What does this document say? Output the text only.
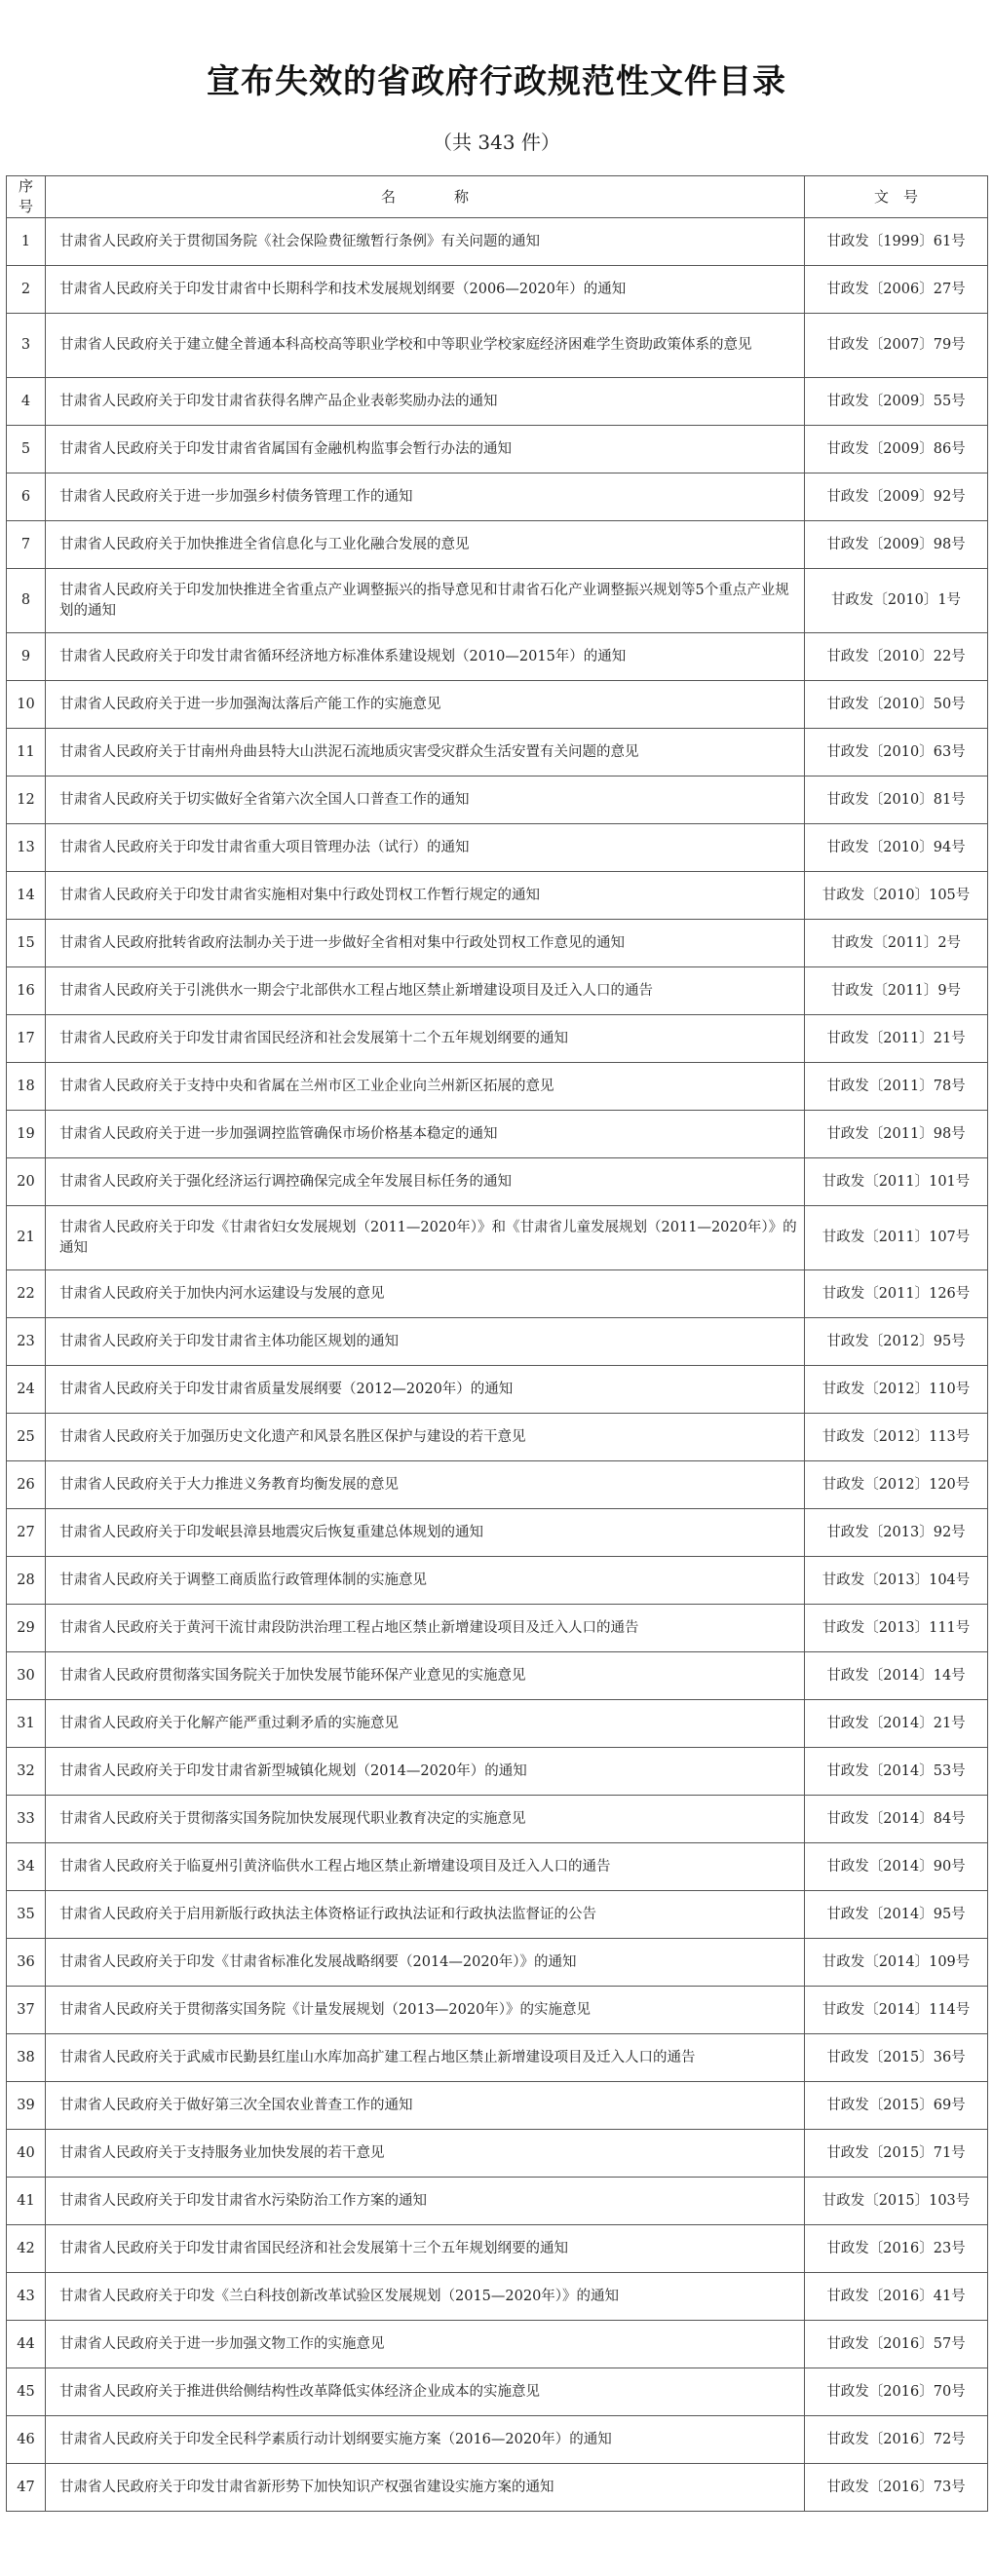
宣布失效的省政府行政规范性文件目录
（共 343 件）
序号	名　　　　称	文　号
1	甘肃省人民政府关于贯彻国务院《社会保险费征缴暂行条例》有关问题的通知	甘政发〔1999〕61号
2	甘肃省人民政府关于印发甘肃省中长期科学和技术发展规划纲要（2006—2020年）的通知	甘政发〔2006〕27号
3	甘肃省人民政府关于建立健全普通本科高校高等职业学校和中等职业学校家庭经济困难学生资助政策体系的意见	甘政发〔2007〕79号
4	甘肃省人民政府关于印发甘肃省获得名牌产品企业表彰奖励办法的通知	甘政发〔2009〕55号
5	甘肃省人民政府关于印发甘肃省省属国有金融机构监事会暂行办法的通知	甘政发〔2009〕86号
6	甘肃省人民政府关于进一步加强乡村债务管理工作的通知	甘政发〔2009〕92号
7	甘肃省人民政府关于加快推进全省信息化与工业化融合发展的意见	甘政发〔2009〕98号
8	甘肃省人民政府关于印发加快推进全省重点产业调整振兴的指导意见和甘肃省石化产业调整振兴规划等5个重点产业规划的通知	甘政发〔2010〕1号
9	甘肃省人民政府关于印发甘肃省循环经济地方标准体系建设规划（2010—2015年）的通知	甘政发〔2010〕22号
10	甘肃省人民政府关于进一步加强淘汰落后产能工作的实施意见	甘政发〔2010〕50号
11	甘肃省人民政府关于甘南州舟曲县特大山洪泥石流地质灾害受灾群众生活安置有关问题的意见	甘政发〔2010〕63号
12	甘肃省人民政府关于切实做好全省第六次全国人口普查工作的通知	甘政发〔2010〕81号
13	甘肃省人民政府关于印发甘肃省重大项目管理办法（试行）的通知	甘政发〔2010〕94号
14	甘肃省人民政府关于印发甘肃省实施相对集中行政处罚权工作暂行规定的通知	甘政发〔2010〕105号
15	甘肃省人民政府批转省政府法制办关于进一步做好全省相对集中行政处罚权工作意见的通知	甘政发〔2011〕2号
16	甘肃省人民政府关于引洮供水一期会宁北部供水工程占地区禁止新增建设项目及迁入人口的通告	甘政发〔2011〕9号
17	甘肃省人民政府关于印发甘肃省国民经济和社会发展第十二个五年规划纲要的通知	甘政发〔2011〕21号
18	甘肃省人民政府关于支持中央和省属在兰州市区工业企业向兰州新区拓展的意见	甘政发〔2011〕78号
19	甘肃省人民政府关于进一步加强调控监管确保市场价格基本稳定的通知	甘政发〔2011〕98号
20	甘肃省人民政府关于强化经济运行调控确保完成全年发展目标任务的通知	甘政发〔2011〕101号
21	甘肃省人民政府关于印发《甘肃省妇女发展规划（2011—2020年）》和《甘肃省儿童发展规划（2011—2020年）》的通知	甘政发〔2011〕107号
22	甘肃省人民政府关于加快内河水运建设与发展的意见	甘政发〔2011〕126号
23	甘肃省人民政府关于印发甘肃省主体功能区规划的通知	甘政发〔2012〕95号
24	甘肃省人民政府关于印发甘肃省质量发展纲要（2012—2020年）的通知	甘政发〔2012〕110号
25	甘肃省人民政府关于加强历史文化遗产和风景名胜区保护与建设的若干意见	甘政发〔2012〕113号
26	甘肃省人民政府关于大力推进义务教育均衡发展的意见	甘政发〔2012〕120号
27	甘肃省人民政府关于印发岷县漳县地震灾后恢复重建总体规划的通知	甘政发〔2013〕92号
28	甘肃省人民政府关于调整工商质监行政管理体制的实施意见	甘政发〔2013〕104号
29	甘肃省人民政府关于黄河干流甘肃段防洪治理工程占地区禁止新增建设项目及迁入人口的通告	甘政发〔2013〕111号
30	甘肃省人民政府贯彻落实国务院关于加快发展节能环保产业意见的实施意见	甘政发〔2014〕14号
31	甘肃省人民政府关于化解产能严重过剩矛盾的实施意见	甘政发〔2014〕21号
32	甘肃省人民政府关于印发甘肃省新型城镇化规划（2014—2020年）的通知	甘政发〔2014〕53号
33	甘肃省人民政府关于贯彻落实国务院加快发展现代职业教育决定的实施意见	甘政发〔2014〕84号
34	甘肃省人民政府关于临夏州引黄济临供水工程占地区禁止新增建设项目及迁入人口的通告	甘政发〔2014〕90号
35	甘肃省人民政府关于启用新版行政执法主体资格证行政执法证和行政执法监督证的公告	甘政发〔2014〕95号
36	甘肃省人民政府关于印发《甘肃省标准化发展战略纲要（2014—2020年）》的通知	甘政发〔2014〕109号
37	甘肃省人民政府关于贯彻落实国务院《计量发展规划（2013—2020年）》的实施意见	甘政发〔2014〕114号
38	甘肃省人民政府关于武威市民勤县红崖山水库加高扩建工程占地区禁止新增建设项目及迁入人口的通告	甘政发〔2015〕36号
39	甘肃省人民政府关于做好第三次全国农业普查工作的通知	甘政发〔2015〕69号
40	甘肃省人民政府关于支持服务业加快发展的若干意见	甘政发〔2015〕71号
41	甘肃省人民政府关于印发甘肃省水污染防治工作方案的通知	甘政发〔2015〕103号
42	甘肃省人民政府关于印发甘肃省国民经济和社会发展第十三个五年规划纲要的通知	甘政发〔2016〕23号
43	甘肃省人民政府关于印发《兰白科技创新改革试验区发展规划（2015—2020年）》的通知	甘政发〔2016〕41号
44	甘肃省人民政府关于进一步加强文物工作的实施意见	甘政发〔2016〕57号
45	甘肃省人民政府关于推进供给侧结构性改革降低实体经济企业成本的实施意见	甘政发〔2016〕70号
46	甘肃省人民政府关于印发全民科学素质行动计划纲要实施方案（2016—2020年）的通知	甘政发〔2016〕72号
47	甘肃省人民政府关于印发甘肃省新形势下加快知识产权强省建设实施方案的通知	甘政发〔2016〕73号
